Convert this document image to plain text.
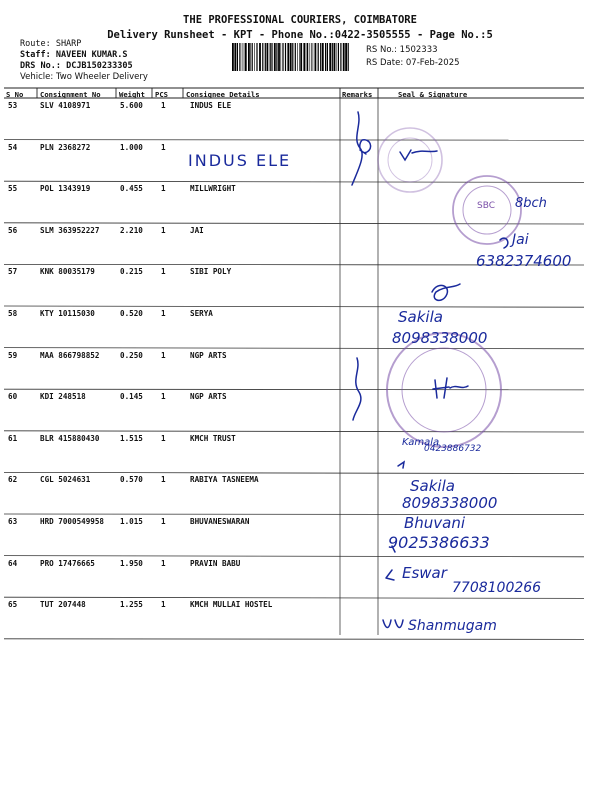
THE PROFESSIONAL COURIERS, COIMBATORE
Delivery Runsheet - KPT - Phone No.:0422-3505555 - Page No.:5
Route: SHARP
Staff: NAVEEN KUMAR.S
DRS No.: DCJB150233305
Vehicle: Two Wheeler Delivery
RS No.: 1502333
RS Date: 07-Feb-2025
S No Consignment No	Weight PCS	Consignee Details	Remarks	Seal & Signature
53	SLV 4108971	5.600 1	INDUS ELE
54	PLN 2368272	1.000 1
55	POL 1343919	0.455 1	MILLWRIGHT
56	SLM 363952227	2.210 1	JAI
57	KNK 80035179	0.215 1	SIBI POLY
58	KTY 10115030	0.520 1	SERYA
59	MAA 866798852	0.250 1	NGP ARTS
60	KDI 248518	0.145 1	NGP ARTS
61	BLR 415880430	1.515 1	KMCH TRUST
62	CGL 5024631	0.570 1	RABIYA TASNEEMA
63	HRD 7000549958 1.015 1	BHUVANESWARAN
64	PRO 17476665	1.950 1	PRAVIN BABU
65	TUT 207448	1.255 1	KMCH MULLAI HOSTEL
INDUS ELE
SBC 8bch
Jai
6382374600
Sakila
8098338000
Kamala
0423886732
Sakila
8098338000
Bhuvani
9025386633
Eswar
7708100266
Shanmugam
